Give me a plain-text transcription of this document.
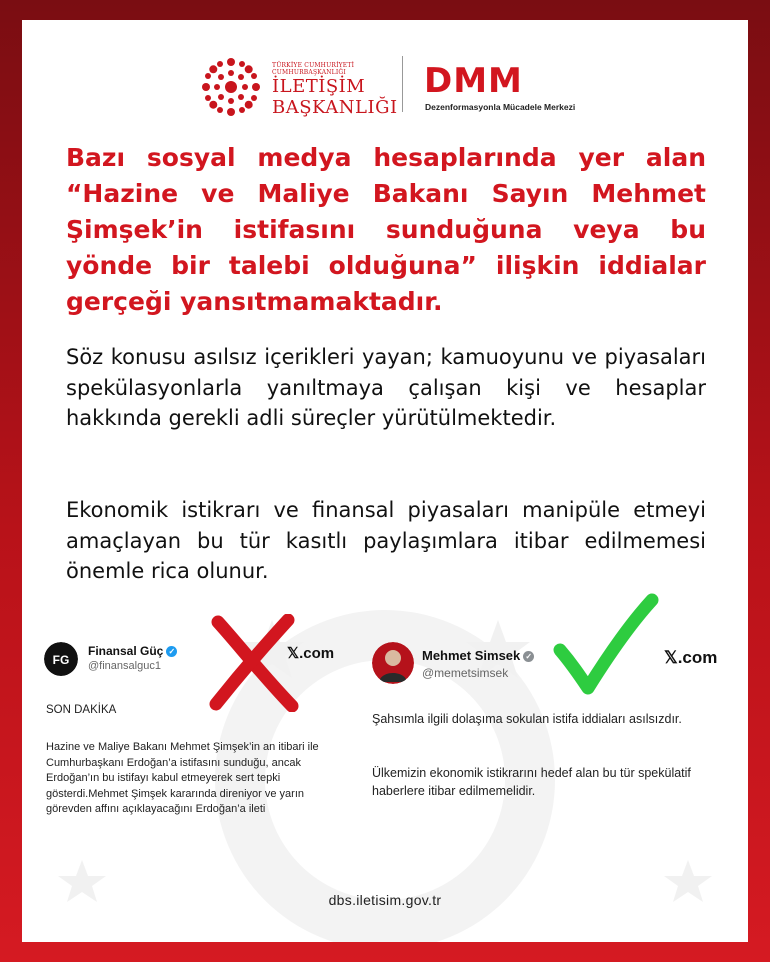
TÜRKİYE CUMHURİYETİ
CUMHURBAŞKANLIĞI
İLETİŞİM
BAŞKANLIĞI
DMM
Dezenformasyonla Mücadele Merkezi

Bazı sosyal medya hesaplarında yer alan “Hazine ve Maliye Bakanı Sayın Mehmet Şimşek’in istifasını sunduğuna veya bu yönde bir talebi olduğuna” ilişkin iddialar gerçeği yansıtmamaktadır.

Söz konusu asılsız içerikleri yayan; kamuoyunu ve piyasaları spekülasyonlarla yanıltmaya çalışan kişi ve hesaplar hakkında gerekli adli süreçler yürütülmektedir.

Ekonomik istikrarı ve finansal piyasaları manipüle etmeyi amaçlayan bu tür kasıtlı paylaşımlara itibar edilmemesi önemle rica olunur.

FG
Finansal Güç ✓
@finansalguc1
𝕏.com
SON DAKİKA

Hazine ve Maliye Bakanı Mehmet Şimşek’in an itibari ile Cumhurbaşkanı Erdoğan’a istifasını sunduğu, ancak Erdoğan’ın bu istifayı kabul etmeyerek sert tepki gösterdi.Mehmet Şimşek kararında direniyor ve yarın görevden affını açıklayacağını Erdoğan’a ileti

Mehmet Simsek ✓
@memetsimsek
𝕏.com

Şahsımla ilgili dolaşıma sokulan istifa iddiaları asılsızdır.

Ülkemizin ekonomik istikrarını hedef alan bu tür spekülatif haberlere itibar edilmemelidir.

dbs.iletisim.gov.tr
